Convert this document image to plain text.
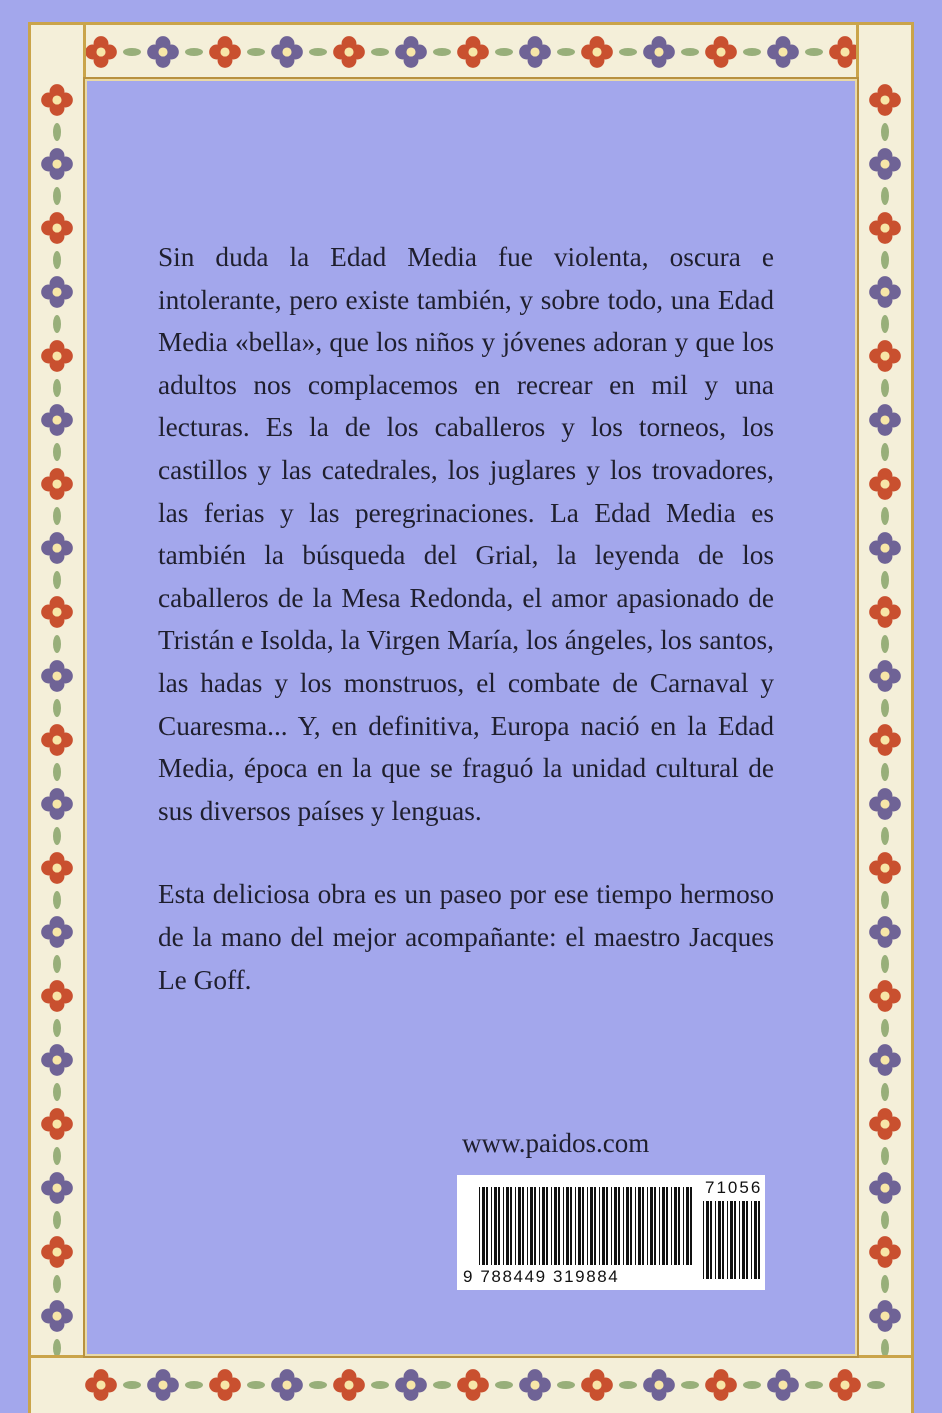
Sin duda la Edad Media fue violenta, oscura e intolerante, pero existe también, y sobre todo, una Edad Media «bella», que los niños y jóvenes adoran y que los adultos nos complacemos en recrear en mil y una lecturas. Es la de los caballeros y los torneos, los castillos y las catedrales, los juglares y los trovadores, las ferias y las peregrinaciones. La Edad Media es también la búsqueda del Grial, la leyenda de los caballeros de la Mesa Redonda, el amor apasionado de Tristán e Isolda, la Virgen María, los ángeles, los santos, las hadas y los monstruos, el combate de Carnaval y Cuaresma... Y, en definitiva, Europa nació en la Edad Media, época en la que se fraguó la unidad cultural de sus diversos países y lenguas.

Esta deliciosa obra es un paseo por ese tiempo hermoso de la mano del mejor acompañante: el maestro Jacques Le Goff.

www.paidos.com
71056
9 788449 319884
